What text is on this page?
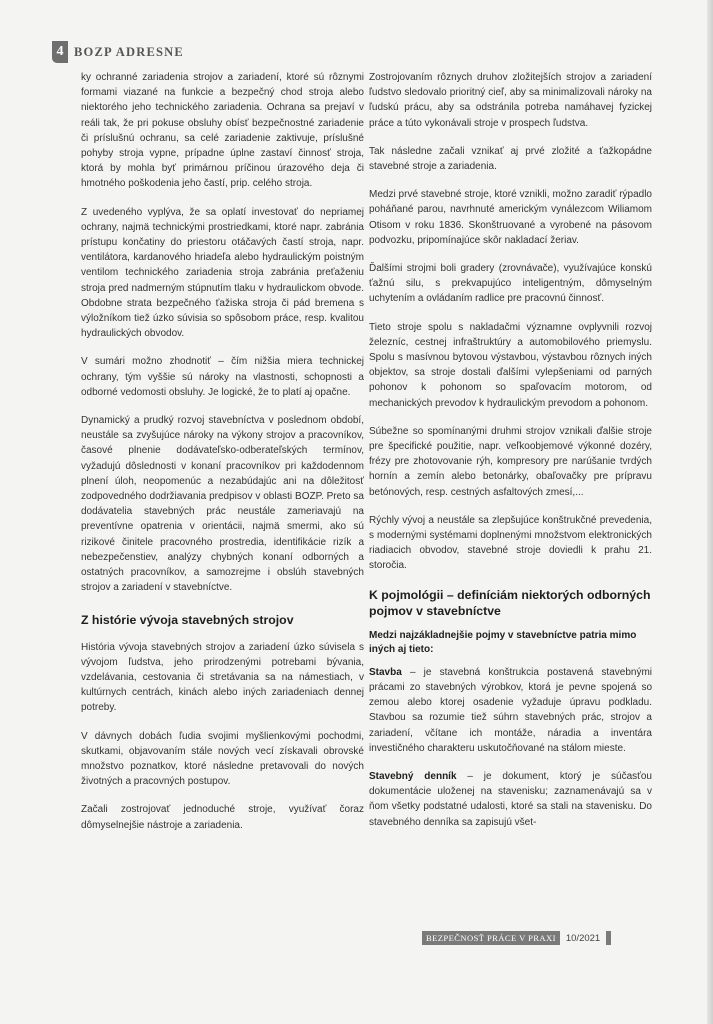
4 BOZP ADRESNE

ky ochranné zariadenia strojov a zariadení, ktoré sú rôznymi formami viazané na funkcie a bezpečný chod stroja alebo niektorého jeho technického zariadenia. Ochrana sa prejaví v reáli tak, že pri pokuse obsluhy obísť bezpečnostné zariadenie či príslušnú ochranu, sa celé zariadenie zaktivuje, príslušné pohyby stroja vypne, prípadne úplne zastaví činnosť stroja, ktorá by mohla byť primárnou príčinou úrazového deja či hmotného poškodenia jeho častí, prip. celého stroja.

Z uvedeného vyplýva, že sa oplatí investovať do nepriamej ochrany, najmä technickými prostriedkami, ktoré napr. zabránia prístupu končatiny do priestoru otáčavých častí stroja, napr. ventilátora, kardanového hriadeľa alebo hydraulickým poistným ventilom technického zariadenia stroja zabránia preťaženiu stroja pred nadmerným stúpnutím tlaku v hydraulickom obvode. Obdobne strata bezpečného ťažiska stroja či pád bremena s výložníkom tiež úzko súvisia so spôsobom práce, resp. kvalitou hydraulických obvodov.

V sumári možno zhodnotiť – čím nižšia miera technickej ochrany, tým vyššie sú nároky na vlastnosti, schopnosti a odborné vedomosti obsluhy. Je logické, že to platí aj opačne.

Dynamický a prudký rozvoj stavebníctva v poslednom období, neustále sa zvyšujúce nároky na výkony strojov a pracovníkov, časové plnenie dodávateľsko-odberateľských termínov, vyžadujú dôslednosti v konaní pracovníkov pri každodennom plnení úloh, neopomenúc a nezabúdajúc ani na dôležitosť zodpovedného dodržiavania predpisov v oblasti BOZP. Preto sa dodávatelia stavebných prác neustále zameriavajú na preventívne opatrenia v orientácii, najmä smermi, ako sú rizikové činitele pracovného prostredia, identifikácie rizík a nebezpečenstiev, analýzy chybných konaní odborných a ostatných pracovníkov, a samozrejme i obslúh stavebných strojov a zariadení v stavebníctve.

Z histórie vývoja stavebných strojov

História vývoja stavebných strojov a zariadení úzko súvisela s vývojom ľudstva, jeho prirodzenými potrebami bývania, vzdelávania, cestovania či stretávania sa na námestiach, v kultúrnych centrách, kinách alebo iných zariadeniach dennej potreby.

V dávnych dobách ľudia svojimi myšlienkovými pochodmi, skutkami, objavovaním stále nových vecí získavali obrovské množstvo poznatkov, ktoré následne pretavovali do nových životných a pracovných postupov.

Začali zostrojovať jednoduché stroje, využívať čoraz dômyselnejšie nástroje a zariadenia.

Zostrojovaním rôznych druhov zložitejších strojov a zariadení ľudstvo sledovalo prioritný cieľ, aby sa minimalizovali nároky na ľudskú prácu, aby sa odstránila potreba namáhavej fyzickej práce a túto vykonávali stroje v prospech ľudstva.

Tak následne začali vznikať aj prvé zložité a ťažkopádne stavebné stroje a zariadenia.

Medzi prvé stavebné stroje, ktoré vznikli, možno zaradiť rýpadlo poháňané parou, navrhnuté americkým vynálezcom Wiliamom Otisom v roku 1836. Skonštruované a vyrobené na pásovom podvozku, pripomínajúce skôr nakladací žeriav.

Ďalšími strojmi boli gradery (zrovnávače), využívajúce konskú ťažnú silu, s prekvapujúco inteligentným, dômyselným uchytením a ovládaním radlice pre pracovnú činnosť.

Tieto stroje spolu s nakladačmi významne ovplyvnili rozvoj železníc, cestnej infraštruktúry a automobilového priemyslu. Spolu s masívnou bytovou výstavbou, výstavbou rôznych iných objektov, sa stroje dostali ďalšími vylepšeniami od parných pohonov k pohonom so spaľovacím motorom, od mechanických prevodov k hydraulickým prevodom a pohonom.

Súbežne so spomínanými druhmi strojov vznikali ďalšie stroje pre špecifické použitie, napr. veľkoobjemové výkonné dozéry, frézy pre zhotovovanie rýh, kompresory pre narúšanie tvrdých hornín a zemín alebo betonárky, obaľovačky pre prípravu betónových, resp. cestných asfaltových zmesí,...

Rýchly vývoj a neustále sa zlepšujúce konštrukčné prevedenia, s modernými systémami doplnenými množstvom elektronických riadiacich obvodov, stavebné stroje doviedli k prahu 21. storočia.

K pojmológii – definíciám niektorých odborných pojmov v stavebníctve

Medzi najzákladnejšie pojmy v stavebníctve patria mimo iných aj tieto:

Stavba – je stavebná konštrukcia postavená stavebnými prácami zo stavebných výrobkov, ktorá je pevne spojená so zemou alebo ktorej osadenie vyžaduje úpravu podkladu. Stavbou sa rozumie tiež súhrn stavebných prác, strojov a zariadení, včítane ich montáže, náradia a inventára investičného charakteru uskutočňované na stálom mieste.

Stavebný denník – je dokument, ktorý je súčasťou dokumentácie uloženej na stavenisku; zaznamenávajú sa v ňom všetky podstatné udalosti, ktoré sa stali na stavenisku. Do stavebného denníka sa zapisujú všet-

BEZPEČNOSŤ PRÁCE V PRAXI	10/2021
